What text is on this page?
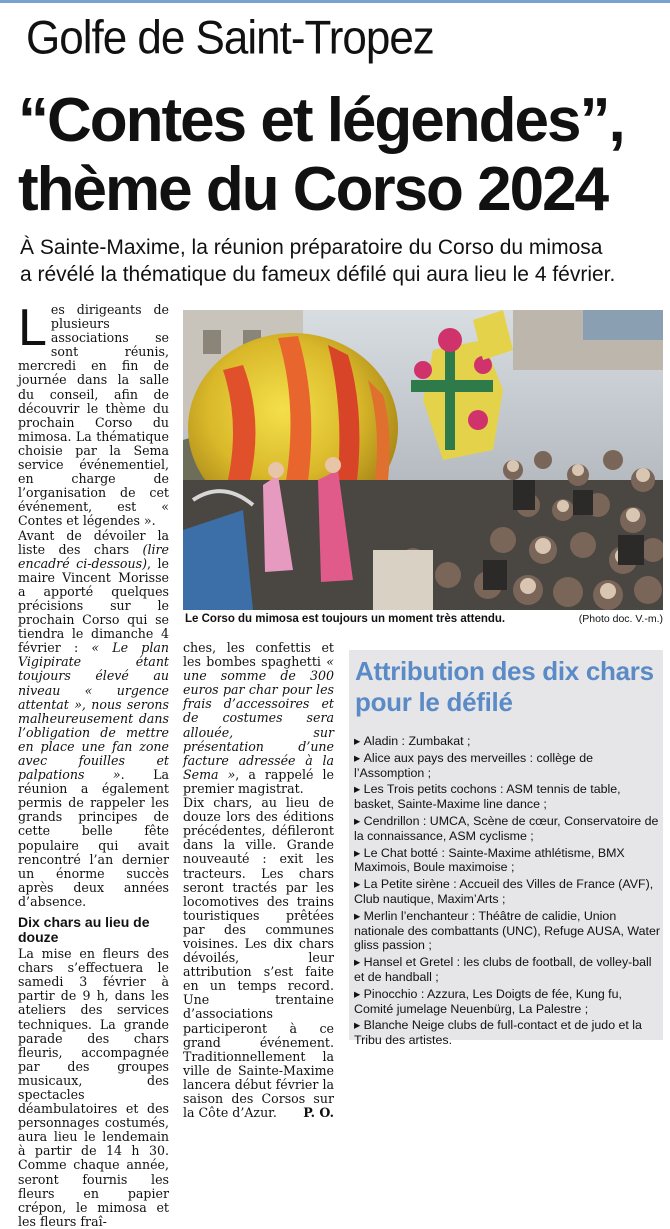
Golfe de Saint-Tropez
“Contes et légendes”,
thème du Corso 2024
À Sainte-Maxime, la réunion préparatoire du Corso du mimosa
a révélé la thématique du fameux défilé qui aura lieu le 4 février.

Les dirigeants de plusieurs associations se sont réunis, mercredi en fin de journée dans la salle du conseil, afin de découvrir le thème du prochain Corso du mimosa. La thématique choisie par la Sema service événementiel, en charge de l’organisation de cet événement, est « Contes et légendes ».

Avant de dévoiler la liste des chars (lire encadré ci-dessous), le maire Vincent Morisse a apporté quelques précisions sur le prochain Corso qui se tiendra le dimanche 4 février : « Le plan Vigipirate étant toujours élevé au niveau « urgence attentat », nous serons malheureusement dans l’obligation de mettre en place une fan zone avec fouilles et palpations ». La réunion a également permis de rappeler les grands principes de cette belle fête populaire qui avait rencontré l’an dernier un énorme succès après deux années d’absence.

Dix chars au lieu de douze

La mise en fleurs des chars s’effectuera le samedi 3 février à partir de 9 h, dans les ateliers des services techniques. La grande parade des chars fleuris, accompagnée par des groupes musicaux, des spectacles déambulatoires et des personnages costumés, aura lieu le lendemain à partir de 14 h 30. Comme chaque année, seront fournis les fleurs en papier crépon, le mimosa et les fleurs fraî-

Le Corso du mimosa est toujours un moment très attendu.	(Photo doc. V.-m.)

ches, les confettis et les bombes spaghetti « une somme de 300 euros par char pour les frais d’accessoires et de costumes sera allouée, sur présentation d’une facture adressée à la Sema », a rappelé le premier magistrat.

Dix chars, au lieu de douze lors des éditions précédentes, défileront dans la ville. Grande nouveauté : exit les tracteurs. Les chars seront tractés par les locomotives des trains touristiques prêtées par des communes voisines. Les dix chars dévoilés, leur attribution s’est faite en un temps record. Une trentaine d’associations participeront à ce grand événement. Traditionnellement la ville de Sainte-Maxime lancera début février la saison des Corsos sur la Côte d’Azur. P. O.

Attribution des dix chars pour le défilé
▸ Aladin : Zumbakat ;
▸ Alice aux pays des merveilles : collège de l’Assomption ;
▸ Les Trois petits cochons : ASM tennis de table, basket, Sainte-Maxime line dance ;
▸ Cendrillon : UMCA, Scène de cœur, Conservatoire de la connaissance, ASM cyclisme ;
▸ Le Chat botté : Sainte-Maxime athlétisme, BMX Maximois, Boule maximoise ;
▸ La Petite sirène : Accueil des Villes de France (AVF), Club nautique, Maxim’Arts ;
▸ Merlin l’enchanteur : Théâtre de calidie, Union nationale des combattants (UNC), Refuge AUSA, Water gliss passion ;
▸ Hansel et Gretel : les clubs de football, de volley-ball et de handball ;
▸ Pinocchio : Azzura, Les Doigts de fée, Kung fu, Comité jumelage Neuenbürg, La Palestre ;
▸ Blanche Neige clubs de full-contact et de judo et la Tribu des artistes.
